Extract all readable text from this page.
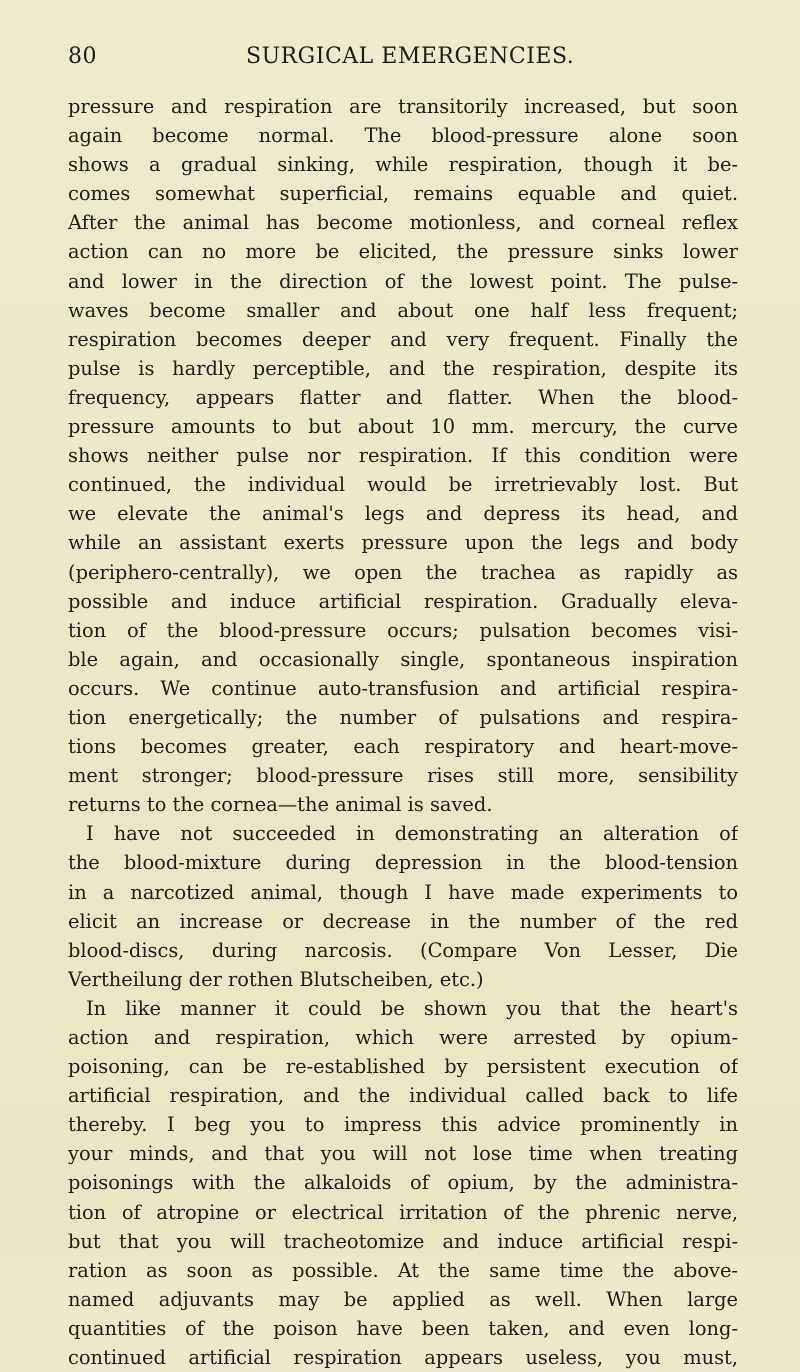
80	SURGICAL EMERGENCIES.
pressure and respiration are transitorily increased, but soon
again become normal. The blood-pressure alone soon
shows a gradual sinking, while respiration, though it be-
comes somewhat superficial, remains equable and quiet.
After the animal has become motionless, and corneal reflex
action can no more be elicited, the pressure sinks lower
and lower in the direction of the lowest point. The pulse-
waves become smaller and about one half less frequent;
respiration becomes deeper and very frequent. Finally the
pulse is hardly perceptible, and the respiration, despite its
frequency, appears flatter and flatter. When the blood-
pressure amounts to but about 10 mm. mercury, the curve
shows neither pulse nor respiration. If this condition were
continued, the individual would be irretrievably lost. But
we elevate the animal's legs and depress its head, and
while an assistant exerts pressure upon the legs and body
(periphero-centrally), we open the trachea as rapidly as
possible and induce artificial respiration. Gradually eleva-
tion of the blood-pressure occurs; pulsation becomes visi-
ble again, and occasionally single, spontaneous inspiration
occurs. We continue auto-transfusion and artificial respira-
tion energetically; the number of pulsations and respira-
tions becomes greater, each respiratory and heart-move-
ment stronger; blood-pressure rises still more, sensibility
returns to the cornea—the animal is saved.
I have not succeeded in demonstrating an alteration of
the blood-mixture during depression in the blood-tension
in a narcotized animal, though I have made experiments to
elicit an increase or decrease in the number of the red
blood-discs, during narcosis. (Compare Von Lesser, Die
Vertheilung der rothen Blutscheiben, etc.)
In like manner it could be shown you that the heart's
action and respiration, which were arrested by opium-
poisoning, can be re-established by persistent execution of
artificial respiration, and the individual called back to life
thereby. I beg you to impress this advice prominently in
your minds, and that you will not lose time when treating
poisonings with the alkaloids of opium, by the administra-
tion of atropine or electrical irritation of the phrenic nerve,
but that you will tracheotomize and induce artificial respi-
ration as soon as possible. At the same time the above-
named adjuvants may be applied as well. When large
quantities of the poison have been taken, and even long-
continued artificial respiration appears useless, you must,
